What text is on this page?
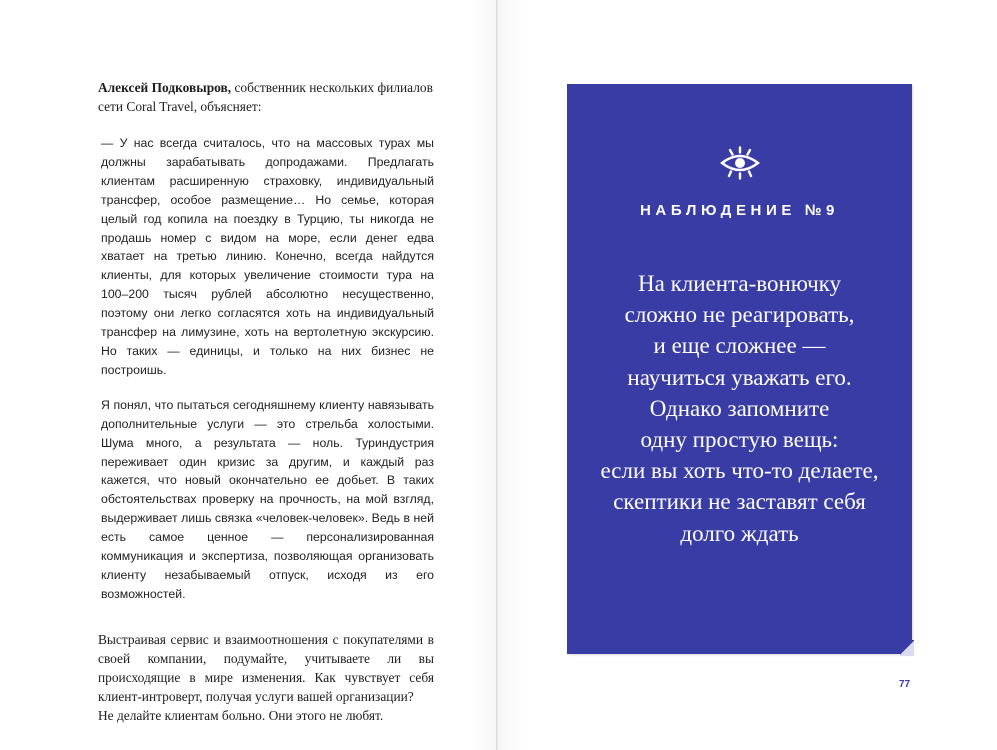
Алексей Подковыров, собственник нескольких филиалов сети Coral Travel, объясняет:

— У нас всегда считалось, что на массовых турах мы должны зарабатывать допродажами. Предлагать клиентам расширенную страховку, индивидуальный трансфер, особое размещение… Но семье, которая целый год копила на поездку в Турцию, ты никогда не продашь номер с видом на море, если денег едва хватает на третью линию. Конечно, всегда найдутся клиенты, для которых увеличение стоимости тура на 100–200 тысяч рублей абсолютно несущественно, поэтому они легко согласятся хоть на индивидуальный трансфер на лимузине, хоть на вертолетную экскурсию. Но таких — единицы, и только на них бизнес не построишь.

Я понял, что пытаться сегодняшнему клиенту навязывать дополнительные услуги — это стрельба холостыми. Шума много, а результата — ноль. Туриндустрия переживает один кризис за другим, и каждый раз кажется, что новый окончательно ее добьет. В таких обстоятельствах проверку на прочность, на мой взгляд, выдерживает лишь связка «человек-человек». Ведь в ней есть самое ценное — персонализированная коммуникация и экспертиза, позволяющая организовать клиенту незабываемый отпуск, исходя из его возможностей.

Выстраивая сервис и взаимоотношения с покупателями в своей компании, подумайте, учитываете ли вы происходящие в мире изменения. Как чувствует себя клиент-интроверт, получая услуги вашей организации?

Не делайте клиентам больно. Они этого не любят.

НАБЛЮДЕНИЕ №9
На клиента-вонючку
сложно не реагировать,
и еще сложнее —
научиться уважать его.
Однако запомните
одну простую вещь:
если вы хоть что-то делаете,
скептики не заставят себя
долго ждать
77
